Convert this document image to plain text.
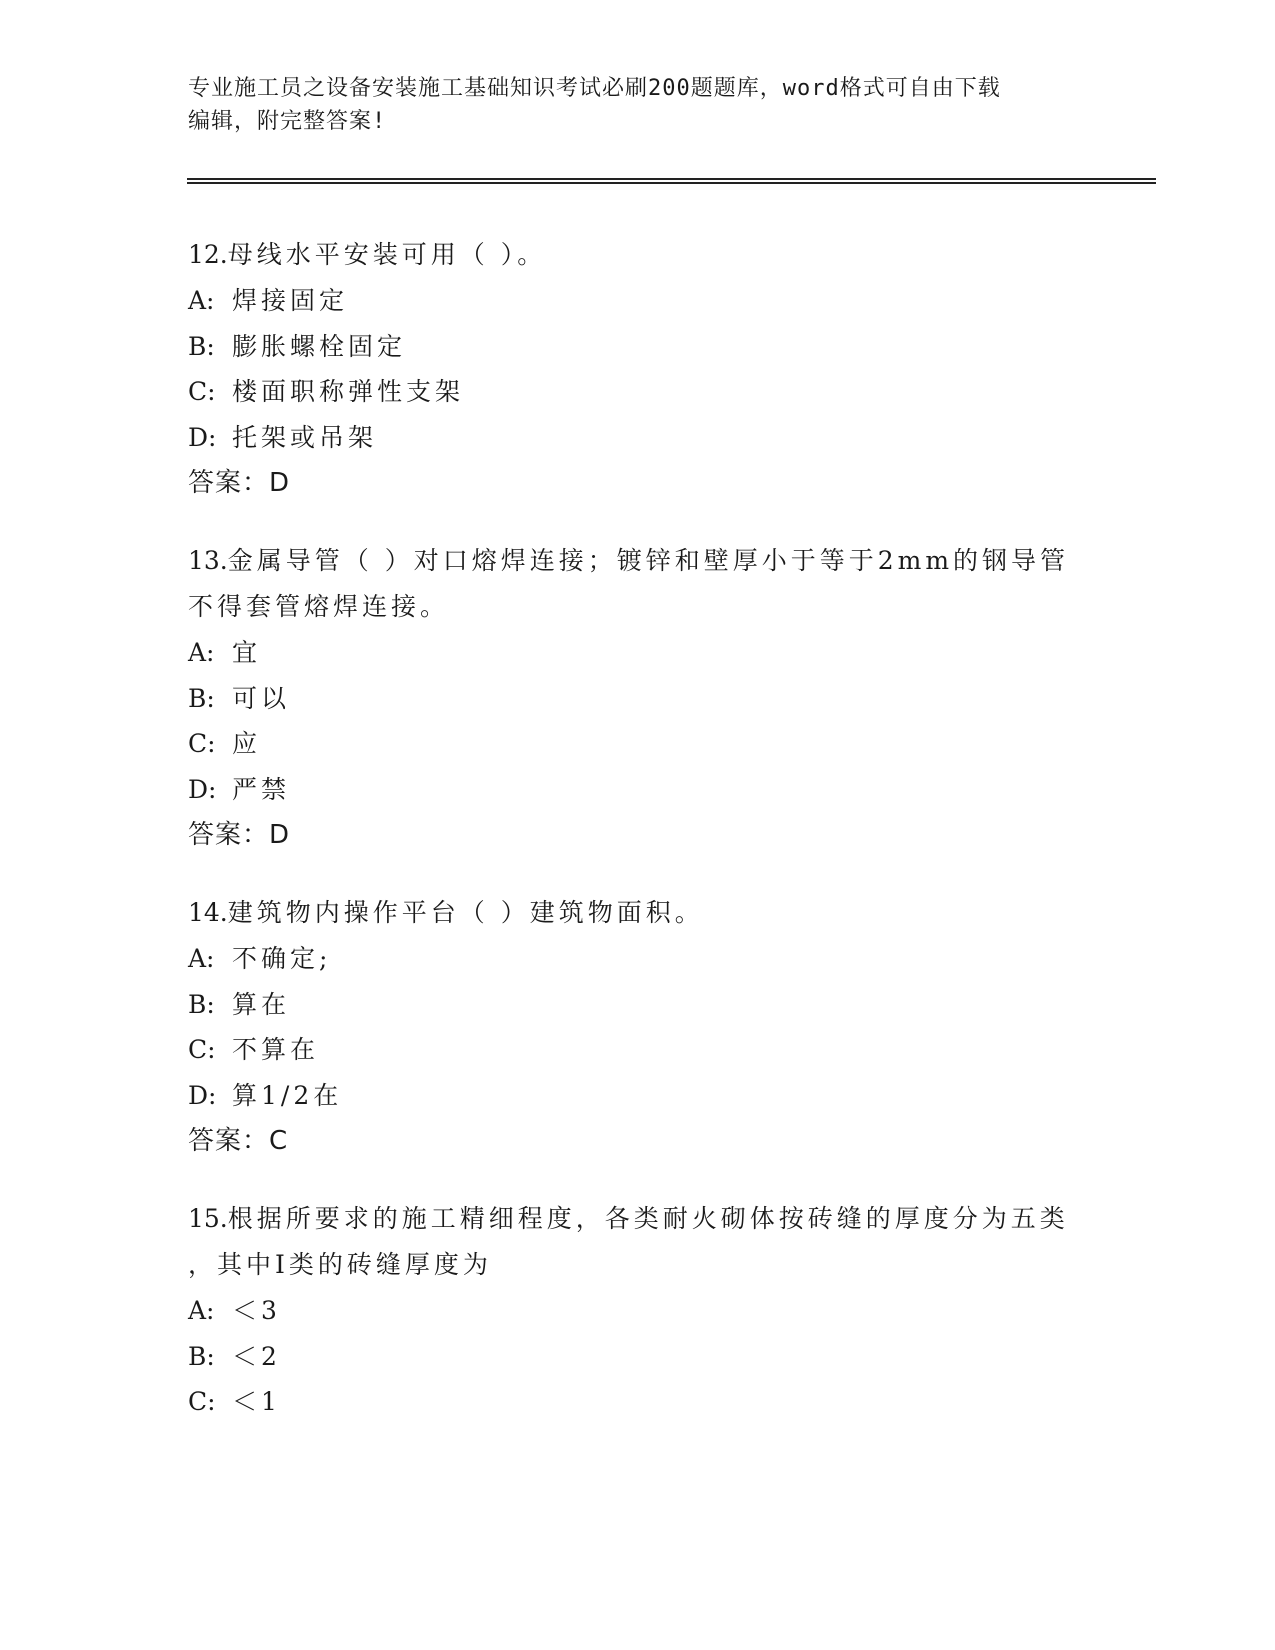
专业施工员之设备安装施工基础知识考试必刷200题题库，word格式可自由下载
编辑，附完整答案!

12.母线水平安装可用（ ）。

A: 焊接固定

B: 膨胀螺栓固定

C: 楼面职称弹性支架

D: 托架或吊架

答案：D

13.金属导管（ ）对口熔焊连接；镀锌和壁厚小于等于2mm的钢导管

不得套管熔焊连接。

A: 宜

B: 可以

C: 应

D: 严禁

答案：D

14.建筑物内操作平台（ ）建筑物面积。

A: 不确定;

B: 算在

C: 不算在

D: 算1/2在

答案：C

15.根据所要求的施工精细程度，各类耐火砌体按砖缝的厚度分为五类

，其中Ⅰ类的砖缝厚度为

A: ＜3

B: ＜2

C: ＜1
